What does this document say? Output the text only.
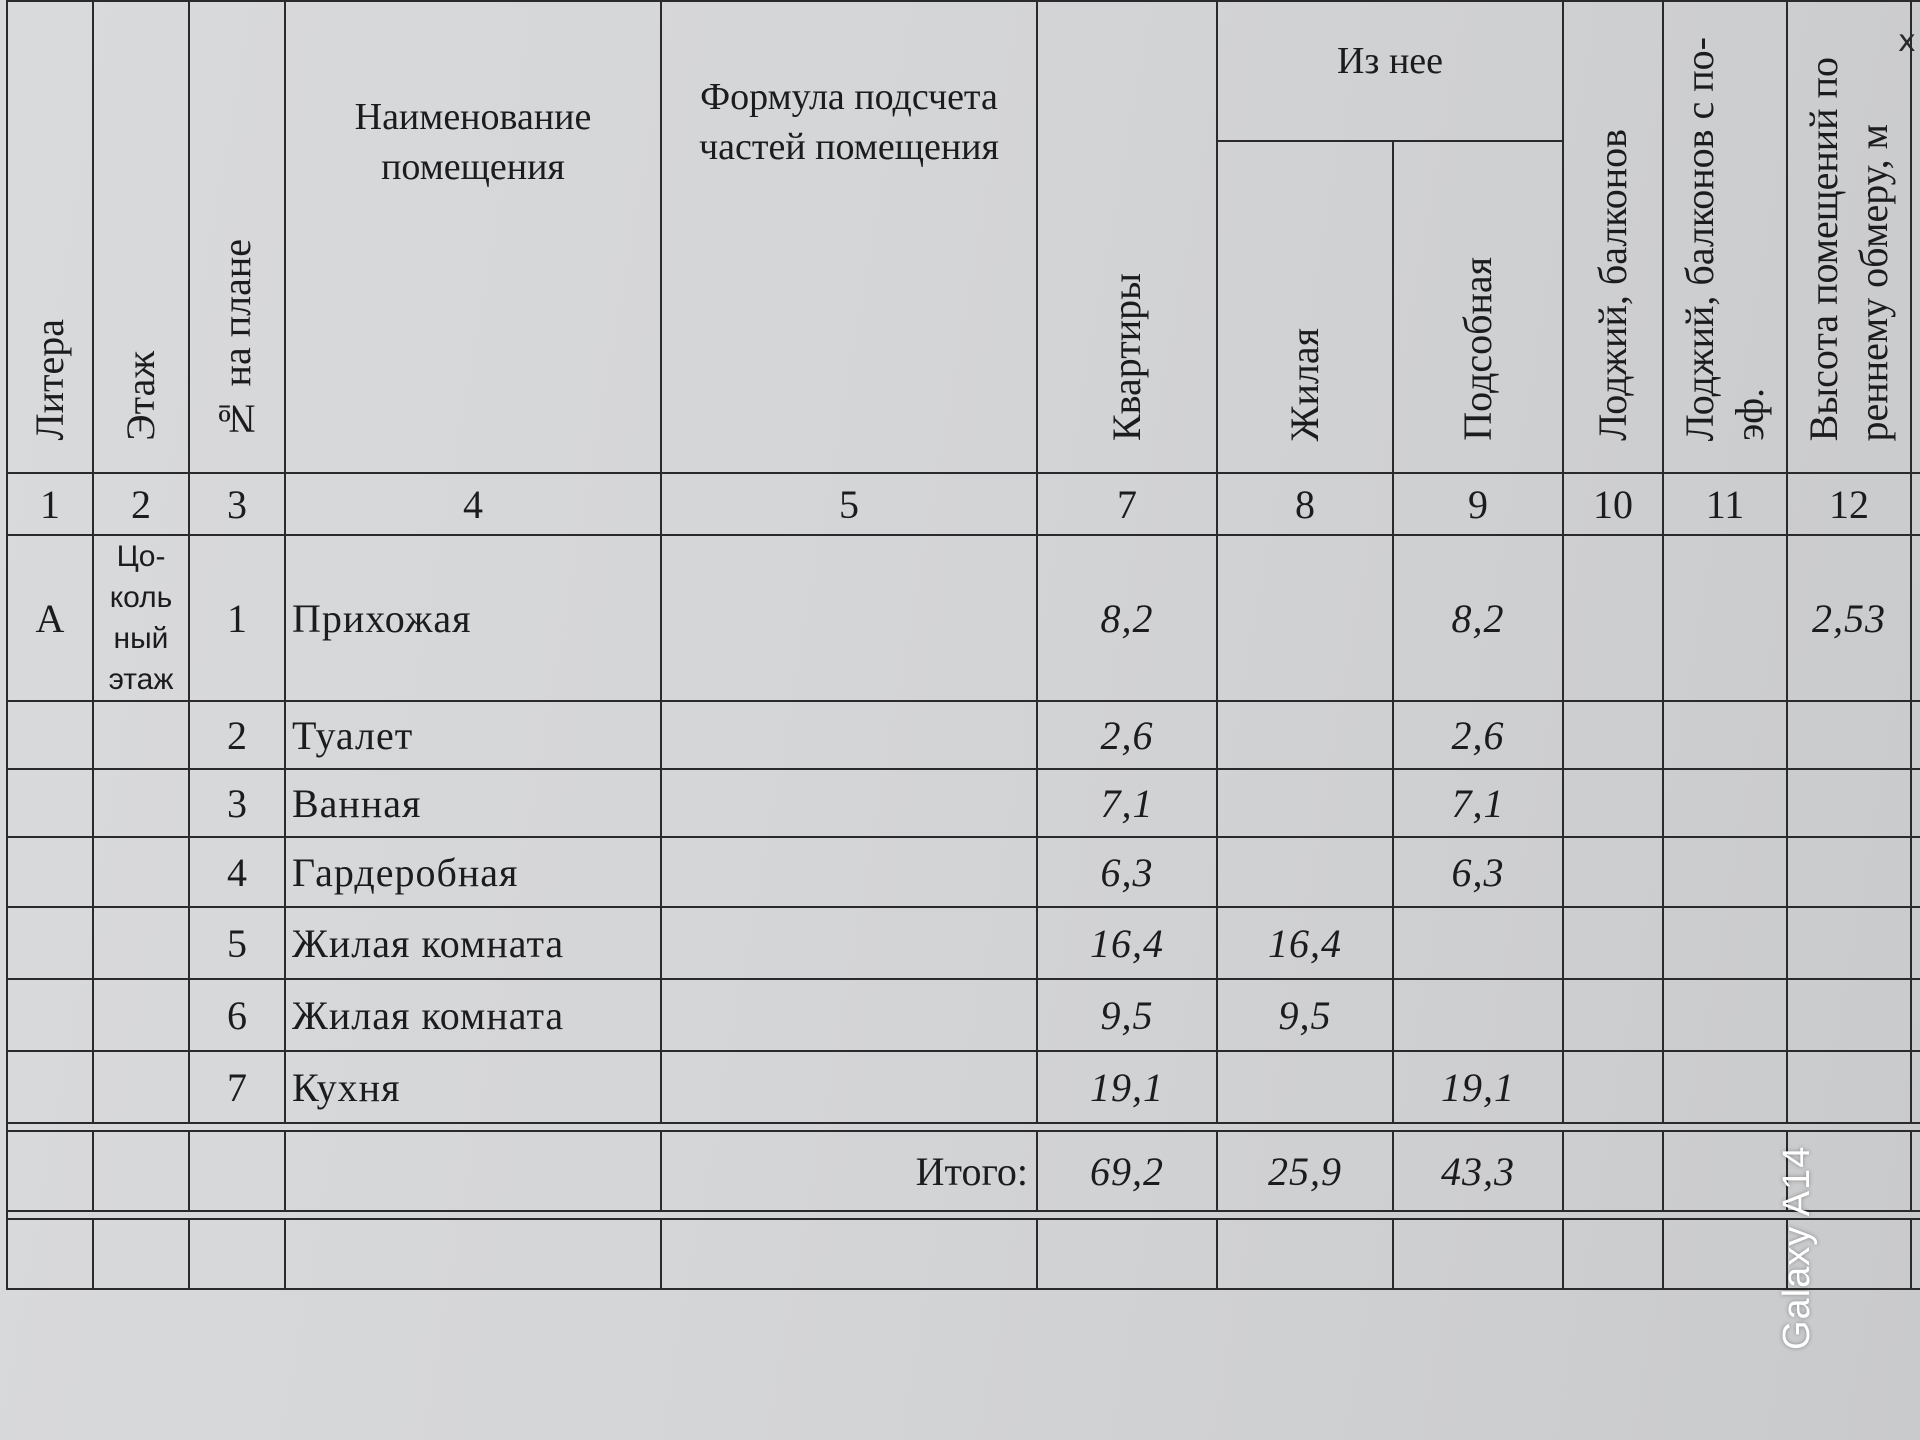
Литера	Этаж	№ на плане	Наименование помещения	Формула подсчета частей помещения	Квартиры	Из нее		Лоджий, балконов	Лоджий, балконов с по- эф.	Высота помещений по реннему обмеру, м	
						Жилая	Подсобная				
1	2	3	4	5	7	8	9	10	11	12	
А	Цо-
коль
ный
этаж	1	Прихожая		8,2		8,2			2,53	
		2	Туалет		2,6		2,6				
		3	Ванная		7,1		7,1				
		4	Гардеробная		6,3		6,3				
		5	Жилая комната		16,4	16,4					
		6	Жилая комната		9,5	9,5					
		7	Кухня		19,1		19,1				

				Итого:	69,2	25,9	43,3				

x
Galaxy A14
